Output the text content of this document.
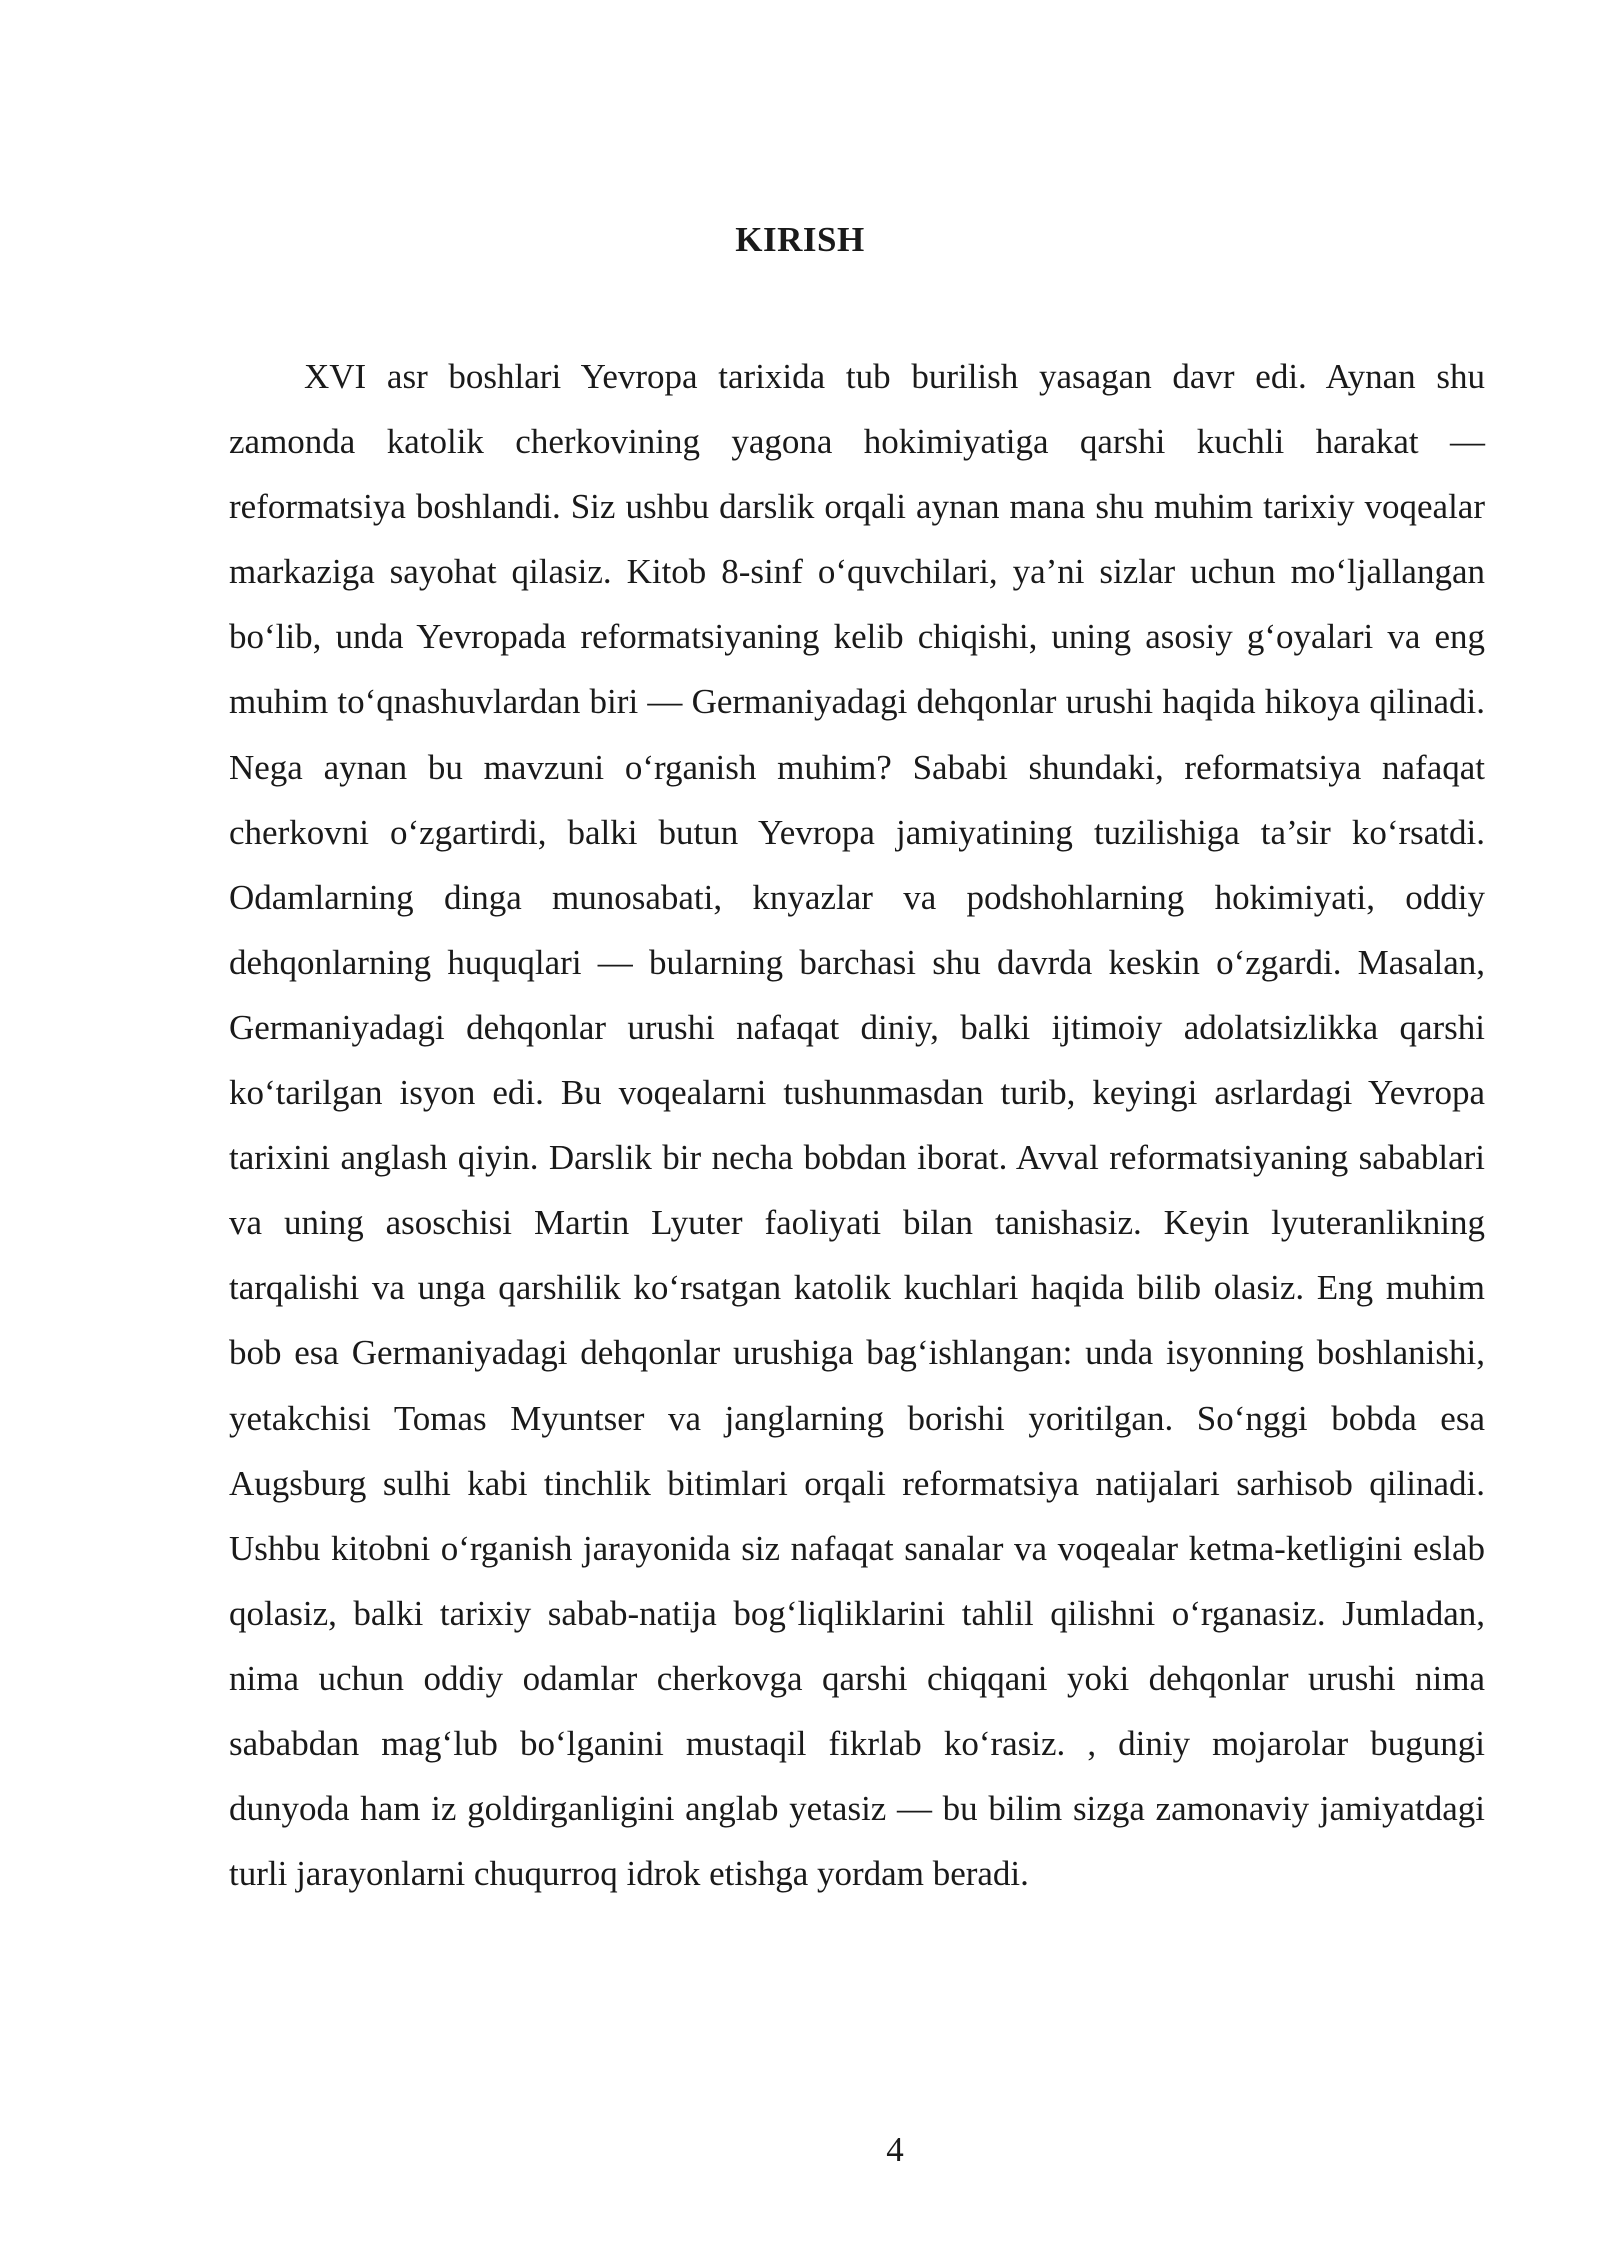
KIRISH

XVI asr boshlari Yevropa tarixida tub burilish yasagan davr edi. Aynan shu zamonda katolik cherkovining yagona hokimiyatiga qarshi kuchli harakat — reformatsiya boshlandi. Siz ushbu darslik orqali aynan mana shu muhim tarixiy voqealar markaziga sayohat qilasiz. Kitob 8-sinf o‘quvchilari, ya’ni sizlar uchun mo‘ljallangan bo‘lib, unda Yevropada reformatsiyaning kelib chiqishi, uning asosiy g‘oyalari va eng muhim to‘qnashuvlardan biri — Germaniyadagi dehqonlar urushi haqida hikoya qilinadi. Nega aynan bu mavzuni o‘rganish muhim? Sababi shundaki, reformatsiya nafaqat cherkovni o‘zgartirdi, balki butun Yevropa jamiyatining tuzilishiga ta’sir ko‘rsatdi. Odamlarning dinga munosabati, knyazlar va podshohlarning hokimiyati, oddiy dehqonlarning huquqlari — bularning barchasi shu davrda keskin o‘zgardi. Masalan, Germaniyadagi dehqonlar urushi nafaqat diniy, balki ijtimoiy adolatsizlikka qarshi ko‘tarilgan isyon edi. Bu voqealarni tushunmasdan turib, keyingi asrlardagi Yevropa tarixini anglash qiyin. Darslik bir necha bobdan iborat. Avval reformatsiyaning sabablari va uning asoschisi Martin Lyuter faoliyati bilan tanishasiz. Keyin lyuteranlikning tarqalishi va unga qarshilik ko‘rsatgan katolik kuchlari haqida bilib olasiz. Eng muhim bob esa Germaniyadagi dehqonlar urushiga bag‘ishlangan: unda isyonning boshlanishi, yetakchisi Tomas Myuntser va janglarning borishi yoritilgan. So‘nggi bobda esa Augsburg sulhi kabi tinchlik bitimlari orqali reformatsiya natijalari sarhisob qilinadi. Ushbu kitobni o‘rganish jarayonida siz nafaqat sanalar va voqealar ketma-ketligini eslab qolasiz, balki tarixiy sabab-natija bog‘liqliklarini tahlil qilishni o‘rganasiz. Jumladan, nima uchun oddiy odamlar cherkovga qarshi chiqqani yoki dehqonlar urushi nima sababdan mag‘lub bo‘lganini mustaqil fikrlab ko‘rasiz. , diniy mojarolar bugungi dunyoda ham iz goldirganligini anglab yetasiz — bu bilim sizga zamonaviy jamiyatdagi turli jarayonlarni chuqurroq idrok etishga yordam beradi.

4
